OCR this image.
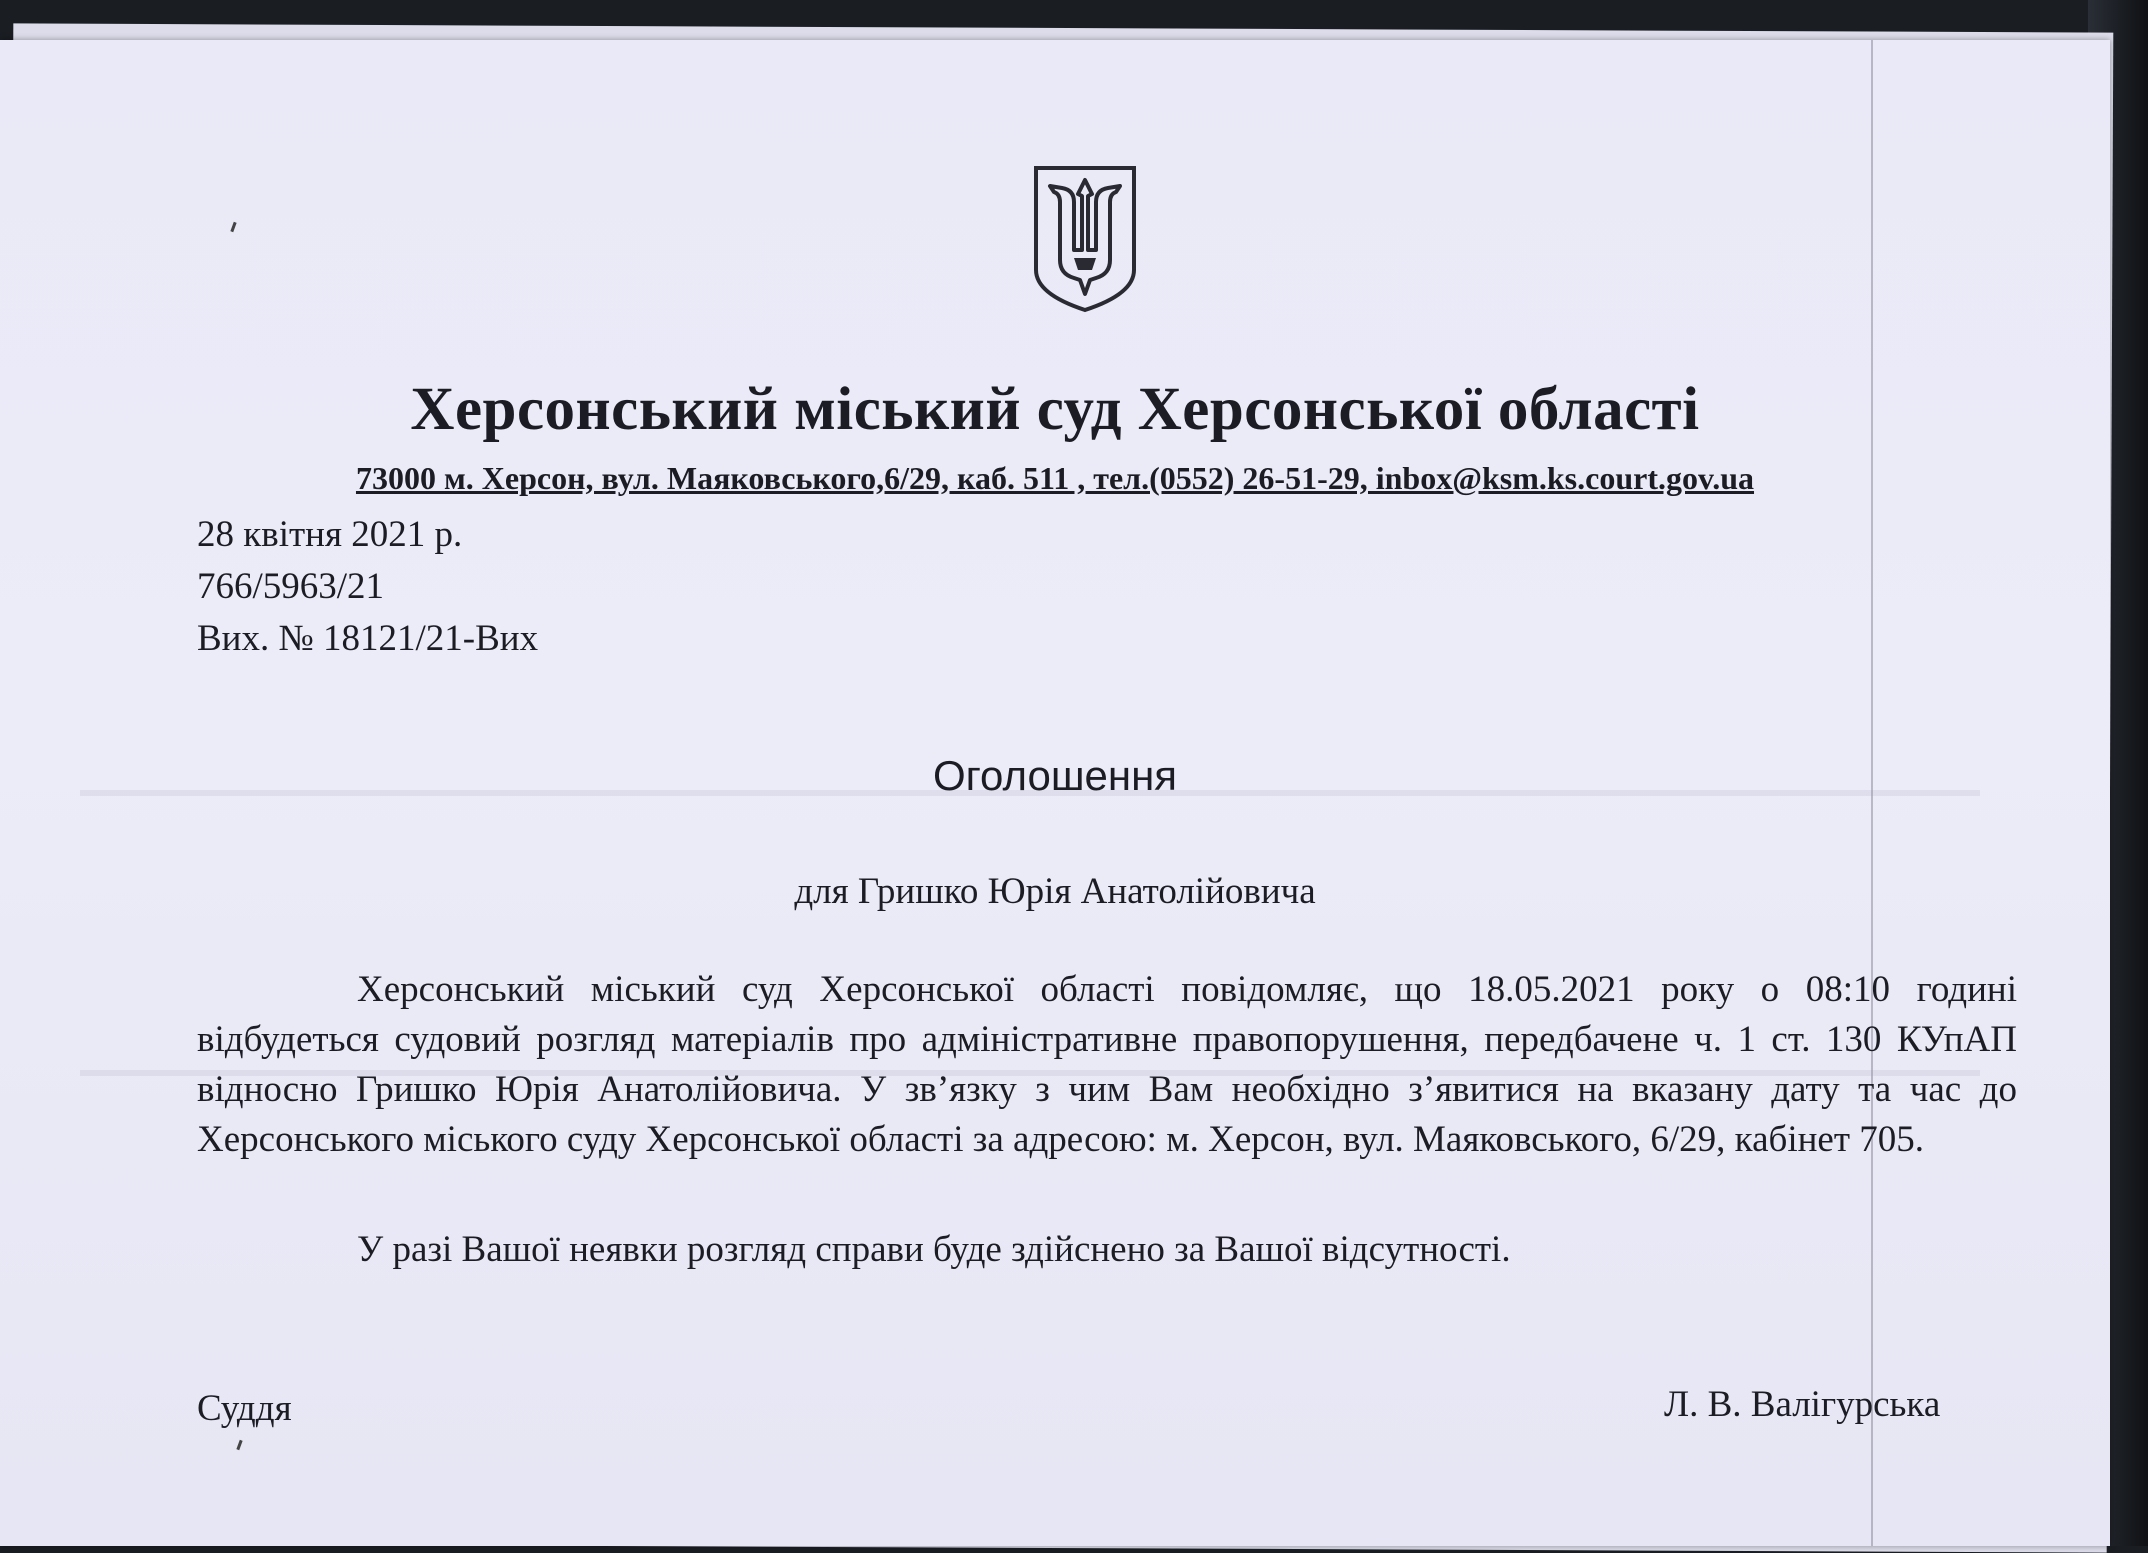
Херсонський міський суд Херсонської області
73000 м. Херсон, вул. Маяковського,6/29, каб. 511 , тел.(0552) 26-51-29, inbox@ksm.ks.court.gov.ua
28 квітня 2021 р.
766/5963/21
Вих. № 18121/21-Вих
Оголошення
для Гришко Юрія Анатолійовича

Херсонський міський суд Херсонської області повідомляє, що 18.05.2021 року о 08:10 годині відбудеться судовий розгляд матеріалів про адміністративне правопорушення, передбачене ч. 1 ст. 130 КУпАП відносно Гришко Юрія Анатолійовича. У зв’язку з чим Вам необхідно з’явитися на вказану дату та час до Херсонського міського суду Херсонської області за адресою: м. Херсон, вул. Маяковського, 6/29, кабінет 705.

У разі Вашої неявки розгляд справи буде здійснено за Вашої відсутності.

Суддя	Л. В. Валігурська
